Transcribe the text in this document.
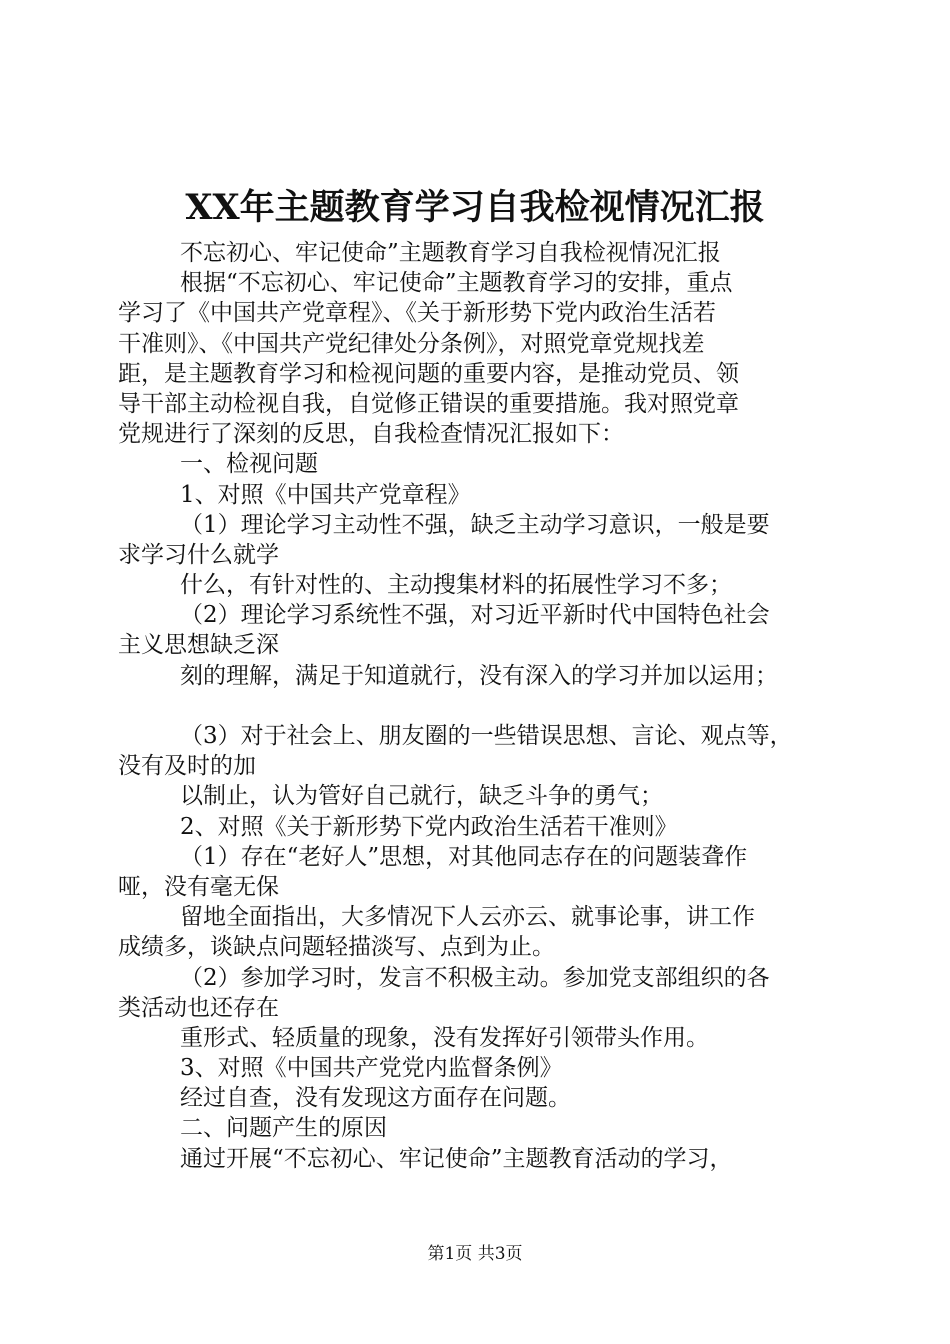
XX年主题教育学习自我检视情况汇报
不忘初心、牢记使命”主题教育学习自我检视情况汇报
根据“不忘初心、牢记使命”主题教育学习的安排，重点
学习了《中国共产党章程》、《关于新形势下党内政治生活若
干准则》、《中国共产党纪律处分条例》，对照党章党规找差
距，是主题教育学习和检视问题的重要内容，是推动党员、领
导干部主动检视自我，自觉修正错误的重要措施。我对照党章
党规进行了深刻的反思，自我检查情况汇报如下：
一、检视问题
1、对照《中国共产党章程》
（1）理论学习主动性不强，缺乏主动学习意识，一般是要
求学习什么就学
什么，有针对性的、主动搜集材料的拓展性学习不多；
（2）理论学习系统性不强，对习近平新时代中国特色社会
主义思想缺乏深
刻的理解，满足于知道就行，没有深入的学习并加以运用；
（3）对于社会上、朋友圈的一些错误思想、言论、观点等，
没有及时的加
以制止，认为管好自己就行，缺乏斗争的勇气；
2、对照《关于新形势下党内政治生活若干准则》
（1）存在“老好人”思想，对其他同志存在的问题装聋作
哑，没有毫无保
留地全面指出，大多情况下人云亦云、就事论事，讲工作
成绩多，谈缺点问题轻描淡写、点到为止。
（2）参加学习时，发言不积极主动。参加党支部组织的各
类活动也还存在
重形式、轻质量的现象，没有发挥好引领带头作用。
3、对照《中国共产党党内监督条例》
经过自查，没有发现这方面存在问题。
二、问题产生的原因
通过开展“不忘初心、牢记使命”主题教育活动的学习，
第1页 共3页
